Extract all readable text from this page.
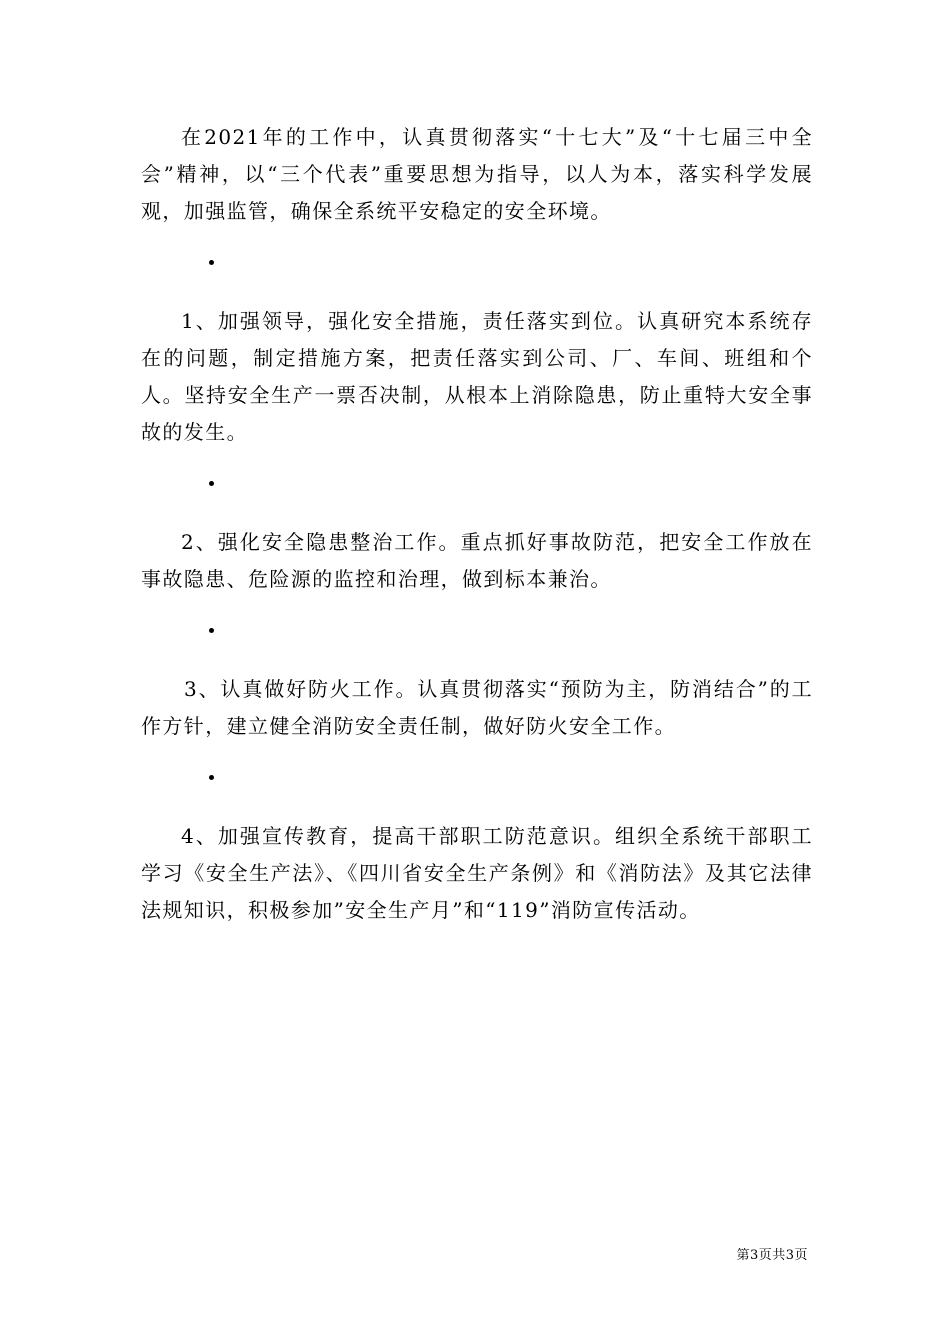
在2021年的工作中，认真贯彻落实“十七大”及“十七届三中全会”精神，以“三个代表”重要思想为指导，以人为本，落实科学发展观，加强监管，确保全系统平安稳定的安全环境。

1、加强领导，强化安全措施，责任落实到位。认真研究本系统存在的问题，制定措施方案，把责任落实到公司、厂、车间、班组和个人。坚持安全生产一票否决制，从根本上消除隐患，防止重特大安全事故的发生。

2、强化安全隐患整治工作。重点抓好事故防范，把安全工作放在事故隐患、危险源的监控和治理，做到标本兼治。

3、认真做好防火工作。认真贯彻落实“预防为主，防消结合”的工作方针，建立健全消防安全责任制，做好防火安全工作。

4、加强宣传教育，提高干部职工防范意识。组织全系统干部职工学习《安全生产法》、《四川省安全生产条例》和《消防法》及其它法律法规知识，积极参加”安全生产月”和“119”消防宣传活动。

第3页共3页
